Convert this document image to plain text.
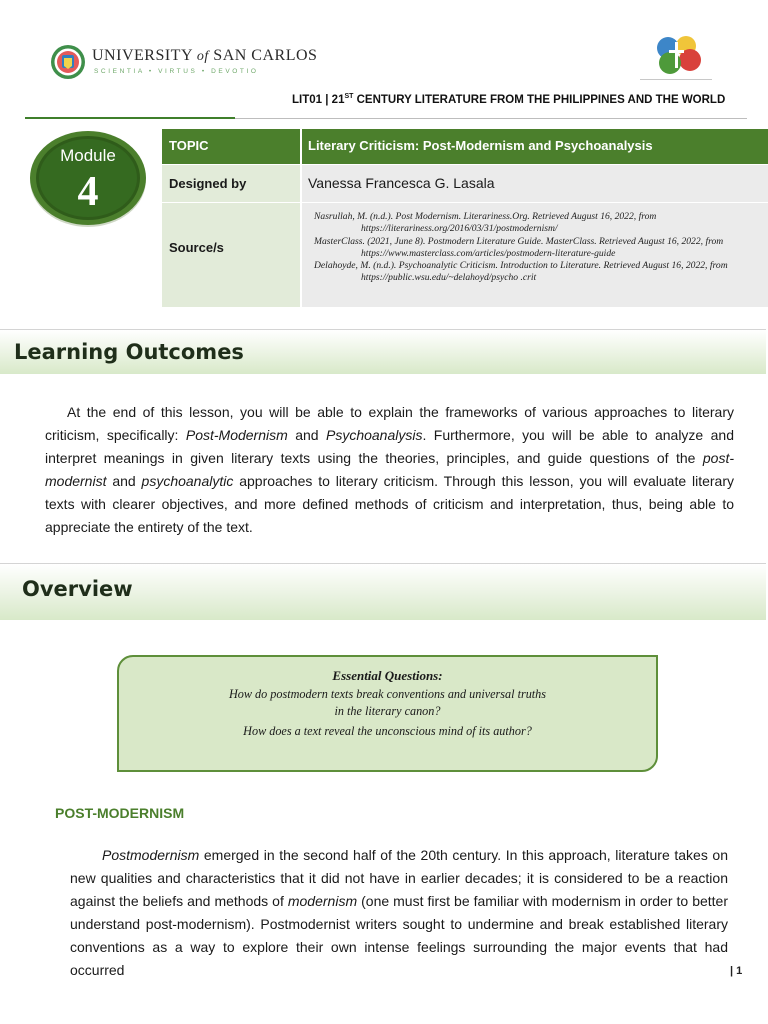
UNIVERSITY of SAN CARLOS
SCIENTIA • VIRTUS • DEVOTIO
LIT01 | 21ST CENTURY LITERATURE FROM THE PHILIPPINES AND THE WORLD
Module
4
TOPIC	Literary Criticism: Post-Modernism and Psychoanalysis
Designed by	Vanessa Francesca G. Lasala
Source/s

Nasrullah, M. (n.d.). Post Modernism. Literariness.Org. Retrieved August 16, 2022, from https://literariness.org/2016/03/31/postmodernism/

MasterClass. (2021, June 8). Postmodern Literature Guide. MasterClass. Retrieved August 16, 2022, from https://www.masterclass.com/articles/postmodern-literature-guide

Delahoyde, M. (n.d.). Psychoanalytic Criticism. Introduction to Literature. Retrieved August 16, 2022, from https://public.wsu.edu/~delahoyd/psycho .crit

Learning Outcomes
At the end of this lesson, you will be able to explain the frameworks of various approaches to literary criticism, specifically: Post-Modernism and Psychoanalysis. Furthermore, you will be able to analyze and interpret meanings in given literary texts using the theories, principles, and guide questions of the post-modernist and psychoanalytic approaches to literary criticism. Through this lesson, you will evaluate literary texts with clearer objectives, and more defined methods of criticism and interpretation, thus, being able to appreciate the entirety of the text.
Overview
Essential Questions:
How do postmodern texts break conventions and universal truths
in the literary canon?
How does a text reveal the unconscious mind of its author?
POST-MODERNISM
Postmodernism emerged in the second half of the 20th century. In this approach, literature takes on new qualities and characteristics that it did not have in earlier decades; it is considered to be a reaction against the beliefs and methods of modernism (one must first be familiar with modernism in order to better understand post-modernism). Postmodernist writers sought to undermine and break established literary conventions as a way to explore their own intense feelings surrounding the major events that had occurred	| 1
